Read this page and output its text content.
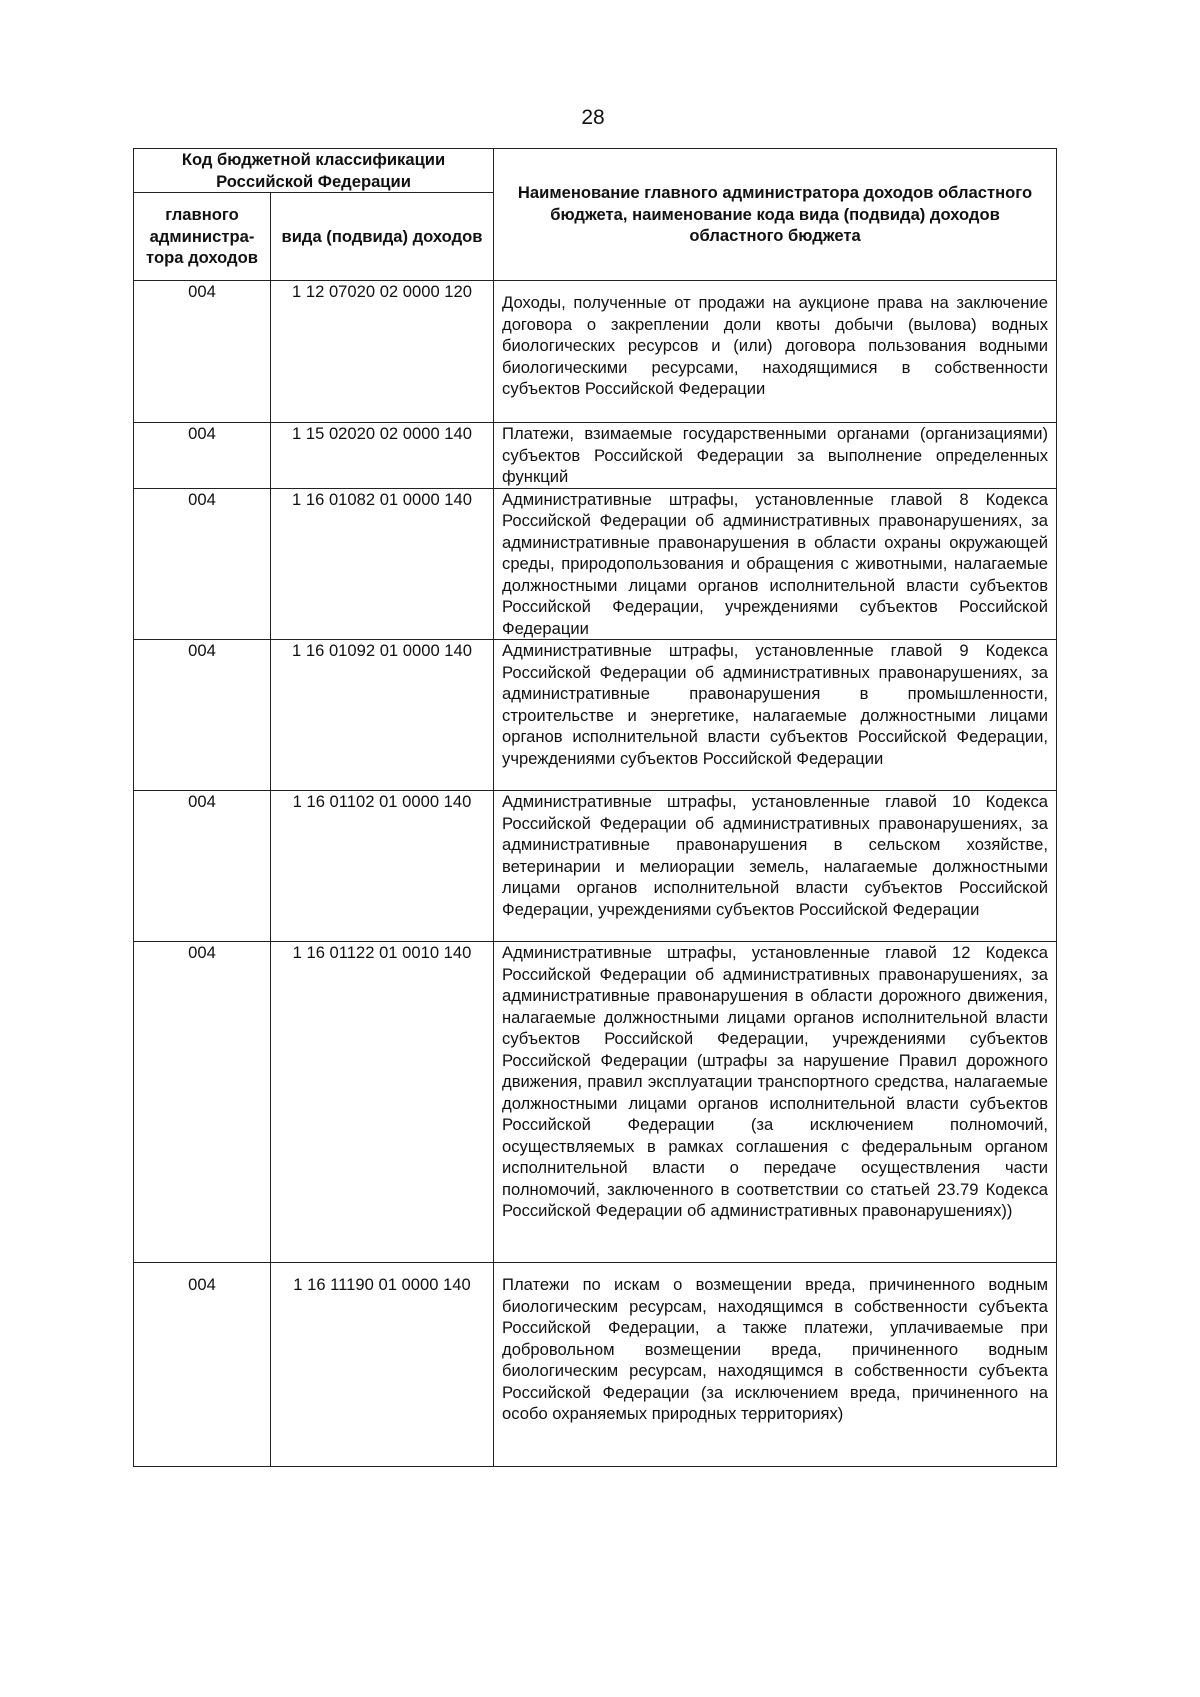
28
Код бюджетной классификации Российской Федерации		Наименование главного администратора доходов областного бюджета, наименование кода вида (подвида) доходов областного бюджета
главного администра-тора доходов	вида (подвида) доходов	
004	1 12 07020 02 0000 120	Доходы, полученные от продажи на аукционе права на заключение договора о закреплении доли квоты добычи (вылова) водных биологических ресурсов и (или) договора пользования водными биологическими ресурсами, находящимися в собственности субъектов Российской Федерации
004	1 15 02020 02 0000 140	Платежи, взимаемые государственными органами (организациями) субъектов Российской Федерации за выполнение определенных функций
004	1 16 01082 01 0000 140	Административные штрафы, установленные главой 8 Кодекса Российской Федерации об административных правонарушениях, за административные правонарушения в области охраны окружающей среды, природопользования и обращения с животными, налагаемые должностными лицами органов исполнительной власти субъектов Российской Федерации, учреждениями субъектов Российской Федерации
004	1 16 01092 01 0000 140	Административные штрафы, установленные главой 9 Кодекса Российской Федерации об административных правонарушениях, за административные правонарушения в промышленности, строительстве и энергетике, налагаемые должностными лицами органов исполнительной власти субъектов Российской Федерации, учреждениями субъектов Российской Федерации
004	1 16 01102 01 0000 140	Административные штрафы, установленные главой 10 Кодекса Российской Федерации об административных правонарушениях, за административные правонарушения в сельском хозяйстве, ветеринарии и мелиорации земель, налагаемые должностными лицами органов исполнительной власти субъектов Российской Федерации, учреждениями субъектов Российской Федерации
004	1 16 01122 01 0010 140	Административные штрафы, установленные главой 12 Кодекса Российской Федерации об административных правонарушениях, за административные правонарушения в области дорожного движения, налагаемые должностными лицами органов исполнительной власти субъектов Российской Федерации, учреждениями субъектов Российской Федерации (штрафы за нарушение Правил дорожного движения, правил эксплуатации транспортного средства, налагаемые должностными лицами органов исполнительной власти субъектов Российской Федерации (за исключением полномочий, осуществляемых в рамках соглашения с федеральным органом исполнительной власти о передаче осуществления части полномочий, заключенного в соответствии со статьей 23.79 Кодекса Российской Федерации об административных правонарушениях))
004	1 16 11190 01 0000 140	Платежи по искам о возмещении вреда, причиненного водным биологическим ресурсам, находящимся в собственности субъекта Российской Федерации, а также платежи, уплачиваемые при добровольном возмещении вреда, причиненного водным биологическим ресурсам, находящимся в собственности субъекта Российской Федерации (за исключением вреда, причиненного на особо охраняемых природных территориях)
